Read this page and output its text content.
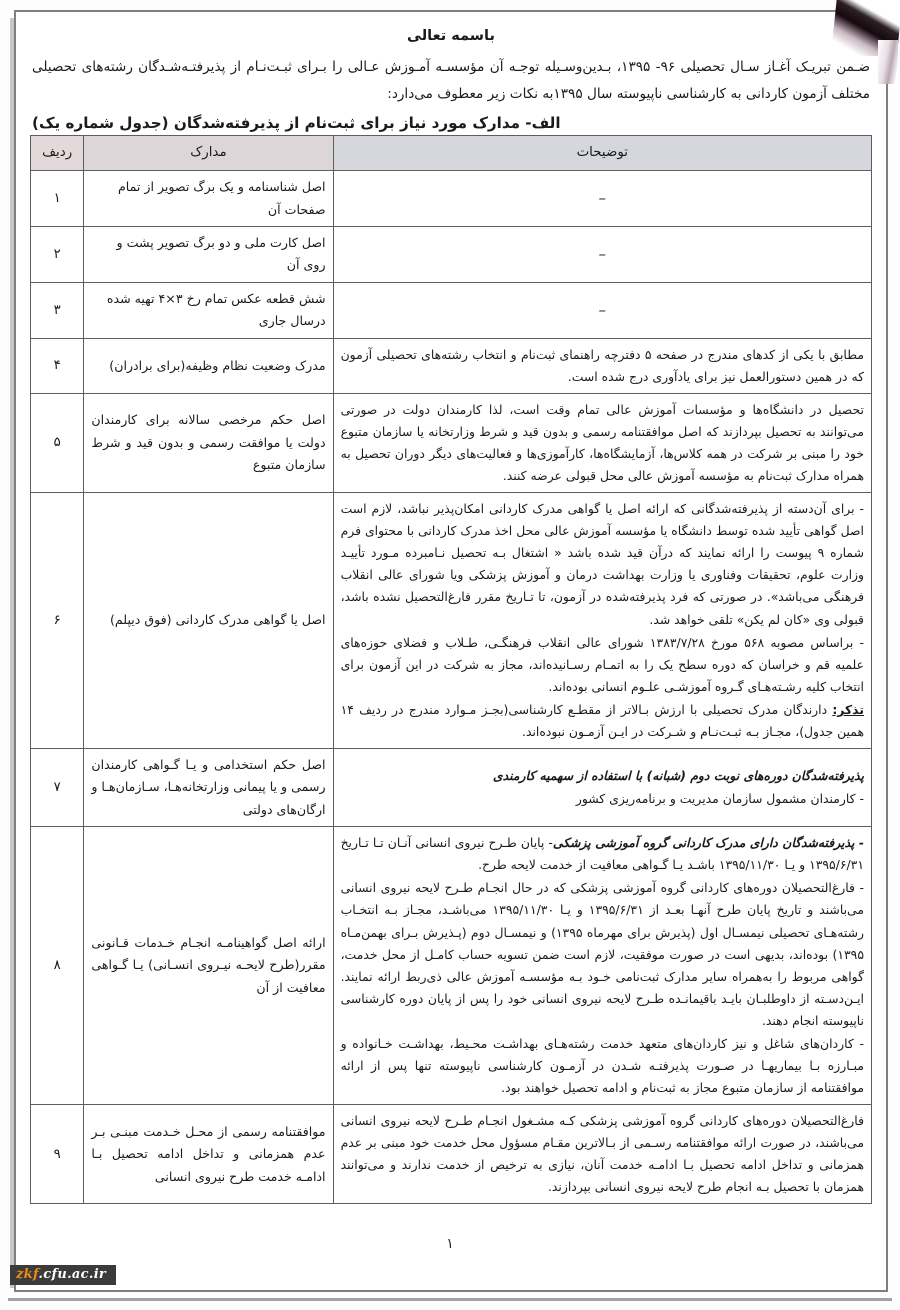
باسمه تعالی

ضـمن تبریـک آغـاز سـال تحصیلی ۹۶- ۱۳۹۵، بـدین‌وسـیله توجـه آن مؤسسـه آمـوزش عـالی را بـرای ثبـت‌نـام از پذیرفتـه‌شـدگان رشته‌های تحصیلی مختلف آزمون کاردانی به کارشناسی ناپیوسته سال ۱۳۹۵به نکات زیر معطوف می‌دارد:

الف- مدارک مورد نیاز برای ثبت‌نام از پذیرفته‌شدگان (جدول شماره یک)
توضیحات	مدارک	ردیف
–	اصل شناسنامه و یک برگ تصویر از تمام صفحات آن	۱
–	اصل کارت ملی و دو برگ تصویر پشت و روی آن	۲
–	شش قطعه عکس تمام رخ ۳×۴ تهیه شده درسال جاری	۳
مطابق با یکی از کدهای مندرج در صفحه ۵ دفترچه راهنمای ثبت‌نام و انتخاب رشته‌های تحصیلی آزمون که در همین دستورالعمل نیز برای یادآوری درج شده است.	مدرک وضعیت نظام وظیفه(برای برادران)	۴
تحصیل در دانشگاه‌ها و مؤسسات آموزش عالی تمام وقت است، لذا کارمندان دولت در صورتی می‌توانند به تحصیل بپردازند که اصل موافقتنامه رسمی و بدون قید و شرط وزارتخانه یا سازمان متبوع خود را مبنی بر شرکت در همه کلاس‌ها، آزمایشگاه‌ها، کارآموزی‌ها و فعالیت‌های دیگر دوران تحصیل به همراه مدارک ثبت‌نام به مؤسسه آموزش عالی محل قبولی عرضه کنند.	اصل حکم مرخصی سالانه برای کارمندان دولت یا موافقت رسمی و بدون قید و شرط سازمان متبوع	۵

- برای آن‌دسته از پذیرفته‌شدگانی که ارائه اصل یا گواهی مدرک کاردانی امکان‌پذیر نباشد، لازم است اصل گواهی تأیید شده توسط دانشگاه یا مؤسسه آموزش عالی محل اخذ مدرک کاردانی با محتوای فرم شماره ۹ پیوست را ارائه نمایند که درآن قید شده باشد « اشتغال بـه تحصیل نـامبرده مـورد تأییـد وزارت علوم، تحقیقات وفناوری یا وزارت بهداشت درمان و آموزش پزشکی ویا شورای عالی انقلاب فرهنگی می‌باشد». در صورتی که فرد پذیرفته‌شده در آزمون، تا تـاریخ مقرر فارغ‌التحصیل نشده باشد، قبولی وی «کان لم یکن» تلقی خواهد شد.

- براساس مصوبه ۵۶۸ مورخ ۱۳۸۳/۷/۲۸ شورای عالی انقلاب فرهنگـی، طـلاب و فضلای حوزه‌های علمیه قم و خراسان که دوره سطح یک را به اتمـام رسـانیده‌اند، مجاز به شرکت در این آزمون برای انتخاب کلیه رشـته‌هـای گـروه آموزشـی علـوم انسانی بوده‌اند.

تذکر: دارندگان مدرک تحصیلی با ارزش بـالاتر از مقطـع کارشناسی(بجـز مـوارد مندرج در ردیف ۱۴ همین جدول)، مجـاز بـه ثبـت‌نـام و شـرکت در ایـن آزمـون نبوده‌اند.	اصل یا گواهی مدرک کاردانی (فوق دیپلم)	۶

پذیرفته‌شدگان دوره‌های نوبت دوم (شبانه) با استفاده از سهمیه کارمندی

- کارمندان مشمول سازمان مدیریت و برنامه‌ریزی کشور	اصل حکم استخدامی و یـا گـواهی کارمندان رسمی و یا پیمانی وزارتخانه‌هـا، سـازمان‌هـا و ارگان‌های دولتی	۷

- پذیرفته‌شدگان دارای مدرک کاردانی گروه آموزشی پزشکی- پایان طـرح نیروی انسانی آنـان تـا تـاریخ ۱۳۹۵/۶/۳۱ و یـا ۱۳۹۵/۱۱/۳۰ باشـد یـا گـواهی معافیت از خدمت لایحه طرح.

- فارغ‌التحصیلان دوره‌های کاردانی گروه آموزشی پزشکی که در حال انجـام طـرح لایحه نیروی انسانی می‌باشند و تاریخ پایان طرح آنهـا بعـد از ۱۳۹۵/۶/۳۱ و یـا ۱۳۹۵/۱۱/۳۰ می‌باشـد، مجـاز بـه انتخـاب رشته‌هـای تحصیلی نیمسـال اول (پذیرش برای مهرماه ۱۳۹۵) و نیمسـال دوم (پـذیرش بـرای بهمن‌مـاه ۱۳۹۵) بوده‌اند، بدیهی است در صورت موفقیت، لازم است ضمن تسویه حساب کامـل از محل خدمت، گواهی مربوط را به‌همراه سایر مدارک ثبت‌نامی خـود بـه مؤسسـه آموزش عالی ذی‌ربط ارائه نمایند. ایـن‌دسـته از داوطلبـان بایـد باقیمانـده طـرح لایحه نیروی انسانی خود را پس از پایان دوره کارشناسی ناپیوسته انجام دهند.

- کاردان‌های شاغل و نیز کاردان‌های متعهد خدمت رشته‌هـای بهداشـت محـیط، بهداشـت خـانواده و مبـارزه بـا بیماریهـا در صـورت پذیرفتـه شـدن در آزمـون کارشناسی ناپیوسته تنها پس از ارائه موافقتنامه از سازمان متبوع مجاز به ثبت‌نام و ادامه تحصیل خواهند بود.	ارائه اصل گواهینامـه انجـام خـدمات قـانونی مقرر(طرح لایحـه نیـروی انسـانی) یـا گـواهی معافیت از آن	۸
فارغ‌التحصیلان دوره‌های کاردانی گروه آموزشی پزشکی کـه مشـغول انجـام طـرح لایحه نیروی انسانی می‌باشند، در صورت ارائه موافقتنامه رسـمی از بـالاترین مقـام مسؤول محل خدمت خود مبنی بر عدم همزمانی و تداخل ادامه تحصیل بـا ادامـه خدمت آنان، نیازی به ترخیص از خدمت ندارند و می‌توانند همزمان با تحصیل بـه انجام طرح لایحه نیروی انسانی بپردازند.	موافقتنامه رسمی از محـل خـدمت مبنـی بـر عدم همزمانی و تداخل ادامه تحصیل بـا ادامـه خدمت طرح نیروی انسانی	۹
۱
zkf.cfu.ac.ir
